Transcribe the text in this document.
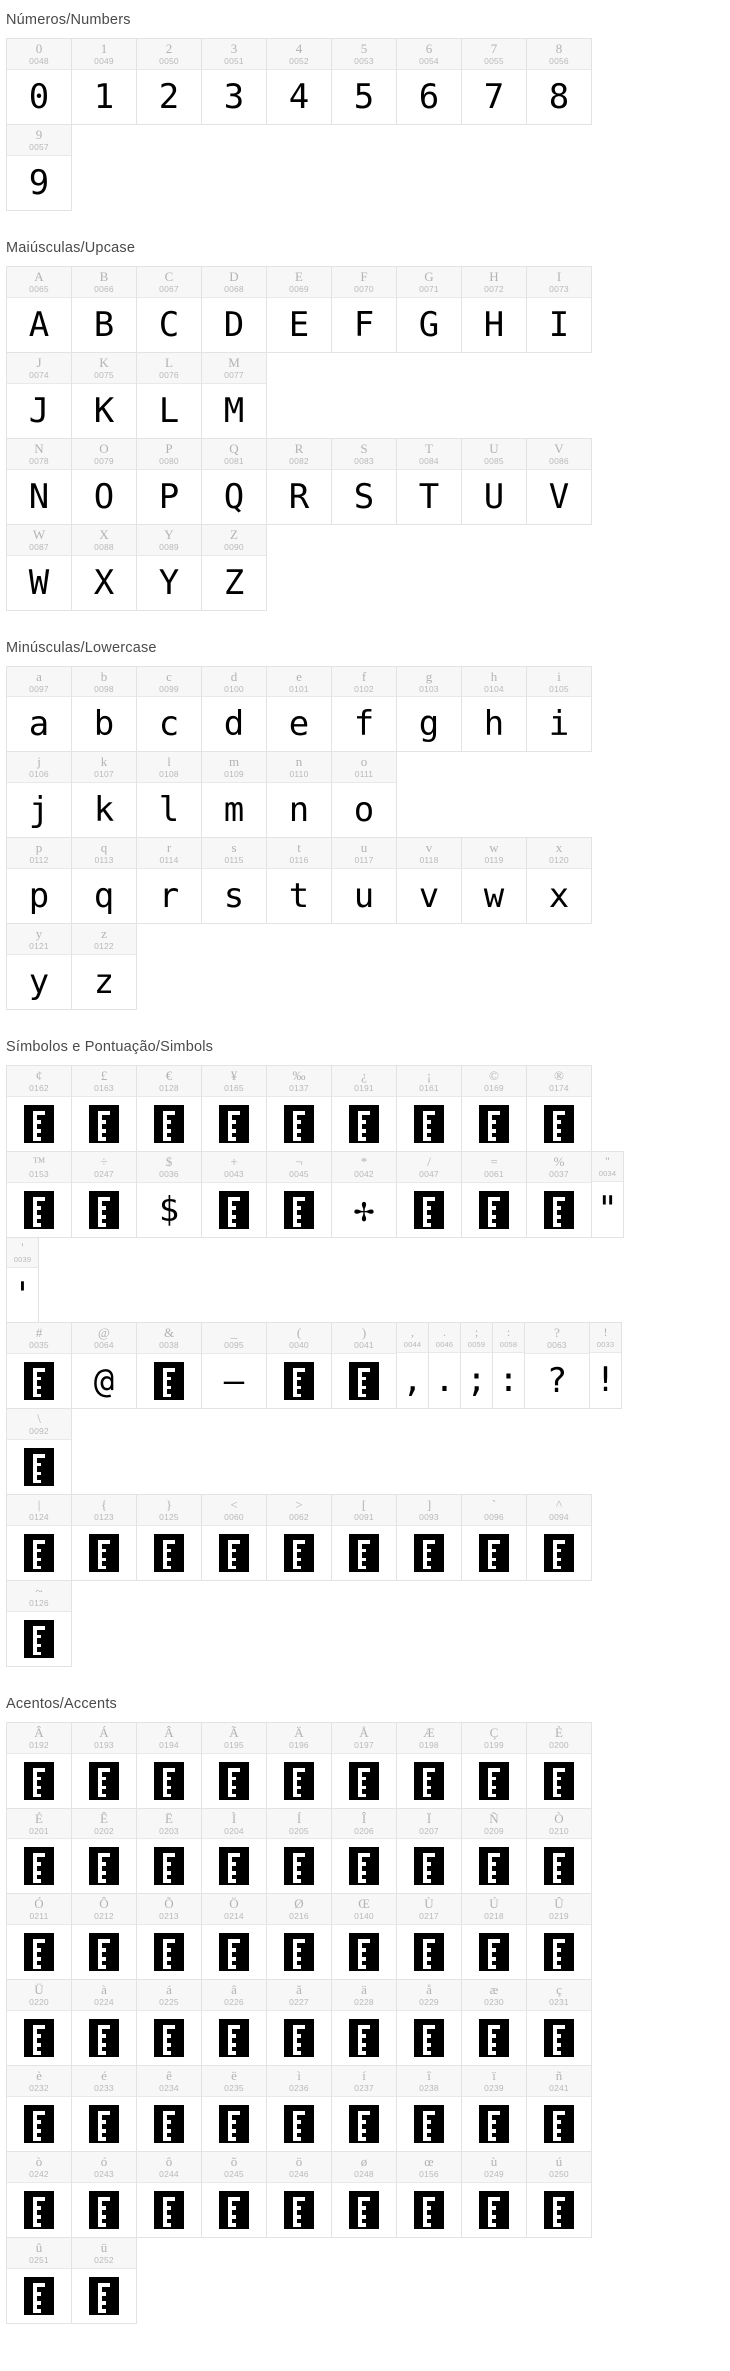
Números/Numbers
0
0048
0
1
0049
1
2
0050
2
3
0051
3
4
0052
4
5
0053
5
6
0054
6
7
0055
7
8
0056
8
9
0057
9
Maiúsculas/Upcase
A
0065
A
B
0066
B
C
0067
C
D
0068
D
E
0069
E
F
0070
F
G
0071
G
H
0072
H
I
0073
I
J
0074
J
K
0075
K
L
0076
L
M
0077
M
N
0078
N
O
0079
O
P
0080
P
Q
0081
Q
R
0082
R
S
0083
S
T
0084
T
U
0085
U
V
0086
V
W
0087
W
X
0088
X
Y
0089
Y
Z
0090
Z
Minúsculas/Lowercase
a
0097
a
b
0098
b
c
0099
c
d
0100
d
e
0101
e
f
0102
f
g
0103
g
h
0104
h
i
0105
i
j
0106
j
k
0107
k
l
0108
l
m
0109
m
n
0110
n
o
0111
o
p
0112
p
q
0113
q
r
0114
r
s
0115
s
t
0116
t
u
0117
u
v
0118
v
w
0119
w
x
0120
x
y
0121
y
z
0122
z
Símbolos e Pontuação/Simbols
¢
0162
£
0163
€
0128
¥
0165
‰
0137
¿
0191
¡
0161
©
0169
®
0174
™
0153
÷
0247
$
0036
$
+
0043
¬
0045
*
0042
✢
/
0047
=
0061
%
0037
"
0034
"
'
0039
'
#
0035
@
0064
@
&
0038
_
0095
—
(
0040
)
0041
,
0044
,
.
0046
.
;
0059
;
:
0058
:
?
0063
?
!
0033
!
\
0092
|
0124
{
0123
}
0125
<
0060
>
0062
[
0091
]
0093
`
0096
^
0094
~
0126
Acentos/Accents
Â
0192
Á
0193
Â
0194
Ã
0195
Ä
0196
Å
0197
Æ
0198
Ç
0199
È
0200
É
0201
Ê
0202
Ë
0203
Ì
0204
Í
0205
Î
0206
Ï
0207
Ñ
0209
Ò
0210
Ó
0211
Ô
0212
Õ
0213
Ö
0214
Ø
0216
Œ
0140
Ù
0217
Ú
0218
Û
0219
Ü
0220
à
0224
á
0225
â
0226
ã
0227
ä
0228
å
0229
æ
0230
ç
0231
è
0232
é
0233
ê
0234
ë
0235
ì
0236
í
0237
î
0238
ï
0239
ñ
0241
ò
0242
ó
0243
ô
0244
õ
0245
ö
0246
ø
0248
œ
0156
ù
0249
ú
0250
û
0251
ü
0252
